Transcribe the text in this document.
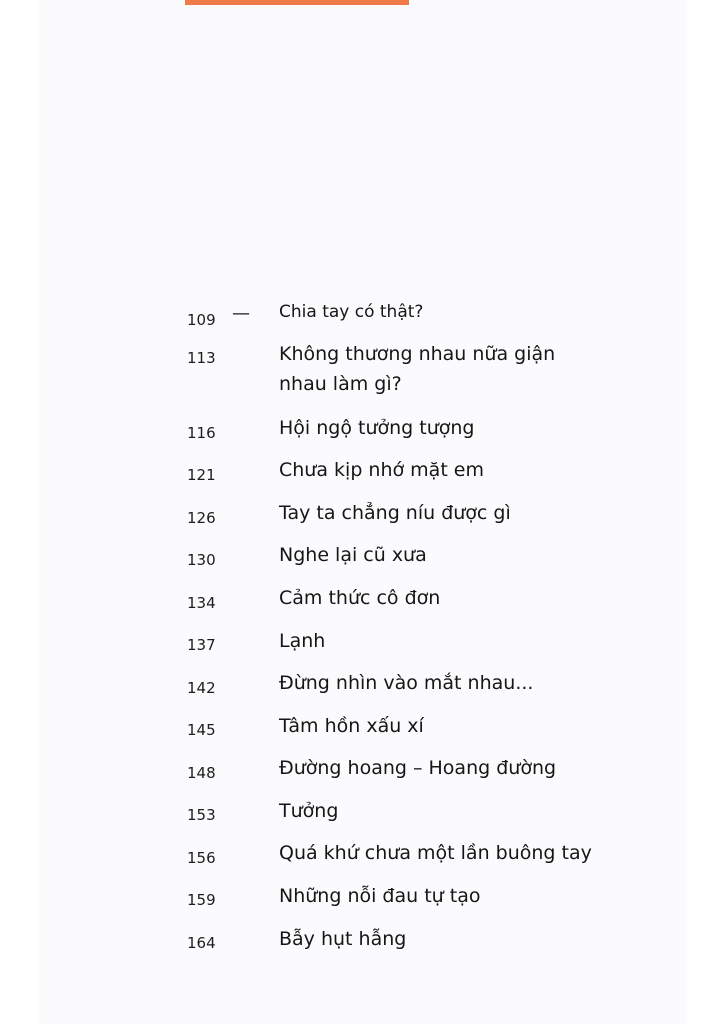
109 —	Chia tay có thật?
113	Không thương nhau nữa giận
nhau làm gì?
116	Hội ngộ tưởng tượng
121	Chưa kịp nhớ mặt em
126	Tay ta chẳng níu được gì
130	Nghe lại cũ xưa
134	Cảm thức cô đơn
137	Lạnh
142	Đừng nhìn vào mắt nhau...
145	Tâm hồn xấu xí
148	Đường hoang – Hoang đường
153	Tưởng
156	Quá khứ chưa một lần buông tay
159	Những nỗi đau tự tạo
164	Bẫy hụt hẫng
